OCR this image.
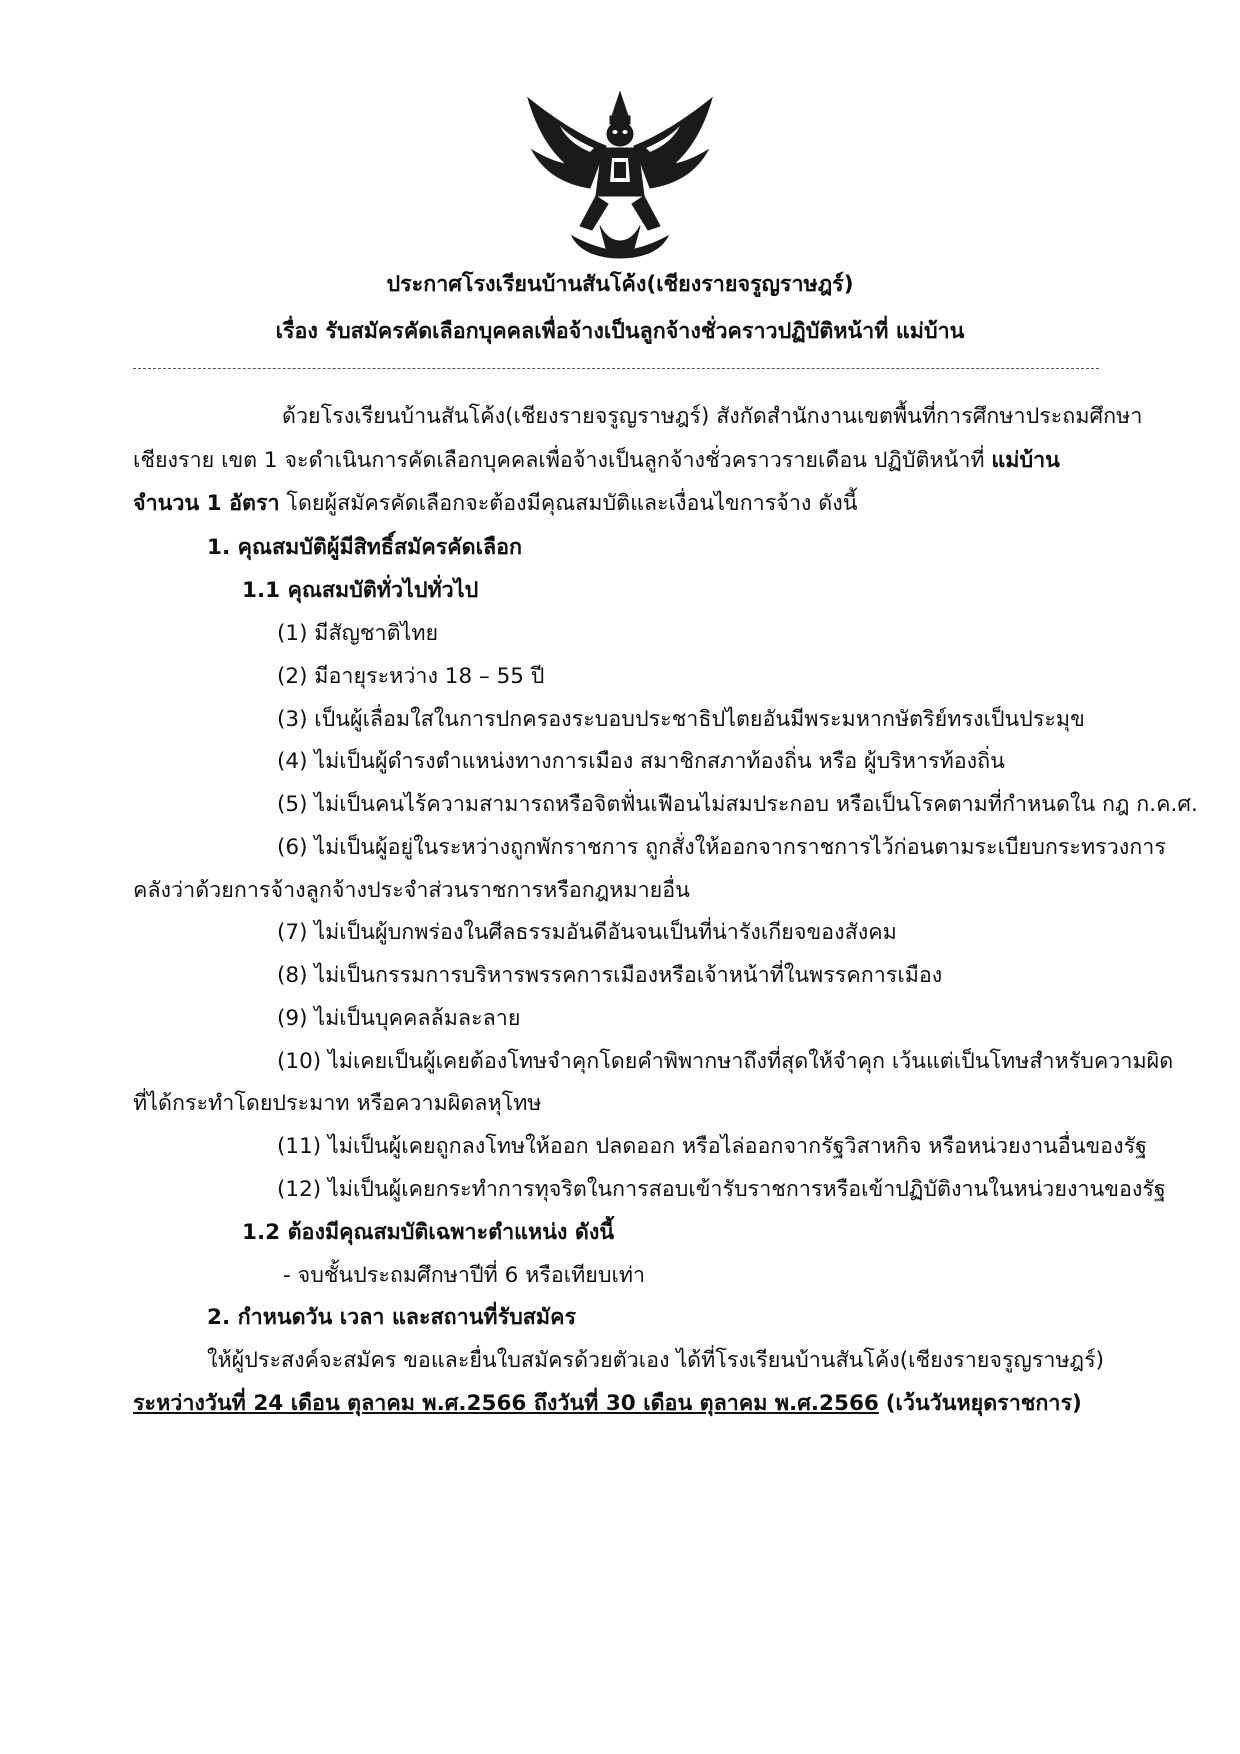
ประกาศโรงเรียนบ้านสันโค้ง(เชียงรายจรูญราษฎร์)
เรื่อง รับสมัครคัดเลือกบุคคลเพื่อจ้างเป็นลูกจ้างชั่วคราวปฏิบัติหน้าที่ แม่บ้าน
ด้วยโรงเรียนบ้านสันโค้ง(เชียงรายจรูญราษฎร์) สังกัดสำนักงานเขตพื้นที่การศึกษาประถมศึกษา
เชียงราย เขต 1 จะดำเนินการคัดเลือกบุคคลเพื่อจ้างเป็นลูกจ้างชั่วคราวรายเดือน ปฏิบัติหน้าที่ แม่บ้าน
จำนวน 1 อัตรา โดยผู้สมัครคัดเลือกจะต้องมีคุณสมบัติและเงื่อนไขการจ้าง ดังนี้
1. คุณสมบัติผู้มีสิทธิ์สมัครคัดเลือก
1.1 คุณสมบัติทั่วไปทั่วไป
(1) มีสัญชาติไทย
(2) มีอายุระหว่าง 18 – 55 ปี
(3) เป็นผู้เลื่อมใสในการปกครองระบอบประชาธิปไตยอันมีพระมหากษัตริย์ทรงเป็นประมุข
(4) ไม่เป็นผู้ดำรงตำแหน่งทางการเมือง สมาชิกสภาท้องถิ่น หรือ ผู้บริหารท้องถิ่น
(5) ไม่เป็นคนไร้ความสามารถหรือจิตฟั่นเฟือนไม่สมประกอบ หรือเป็นโรคตามที่กำหนดใน กฎ ก.ค.ศ.
(6) ไม่เป็นผู้อยู่ในระหว่างถูกพักราชการ ถูกสั่งให้ออกจากราชการไว้ก่อนตามระเบียบกระทรวงการ
คลังว่าด้วยการจ้างลูกจ้างประจำส่วนราชการหรือกฎหมายอื่น
(7) ไม่เป็นผู้บกพร่องในศีลธรรมอันดีอันจนเป็นที่น่ารังเกียจของสังคม
(8) ไม่เป็นกรรมการบริหารพรรคการเมืองหรือเจ้าหน้าที่ในพรรคการเมือง
(9) ไม่เป็นบุคคลล้มละลาย
(10) ไม่เคยเป็นผู้เคยต้องโทษจำคุกโดยคำพิพากษาถึงที่สุดให้จำคุก เว้นแต่เป็นโทษสำหรับความผิด
ที่ได้กระทำโดยประมาท หรือความผิดลหุโทษ
(11) ไม่เป็นผู้เคยถูกลงโทษให้ออก ปลดออก หรือไล่ออกจากรัฐวิสาหกิจ หรือหน่วยงานอื่นของรัฐ
(12) ไม่เป็นผู้เคยกระทำการทุจริตในการสอบเข้ารับราชการหรือเข้าปฏิบัติงานในหน่วยงานของรัฐ
1.2 ต้องมีคุณสมบัติเฉพาะตำแหน่ง ดังนี้
- จบชั้นประถมศึกษาปีที่ 6 หรือเทียบเท่า
2. กำหนดวัน เวลา และสถานที่รับสมัคร
ให้ผู้ประสงค์จะสมัคร ขอและยื่นใบสมัครด้วยตัวเอง ได้ที่โรงเรียนบ้านสันโค้ง(เชียงรายจรูญราษฎร์)
ระหว่างวันที่ 24 เดือน ตุลาคม พ.ศ.2566 ถึงวันที่ 30 เดือน ตุลาคม พ.ศ.2566 (เว้นวันหยุดราชการ)
